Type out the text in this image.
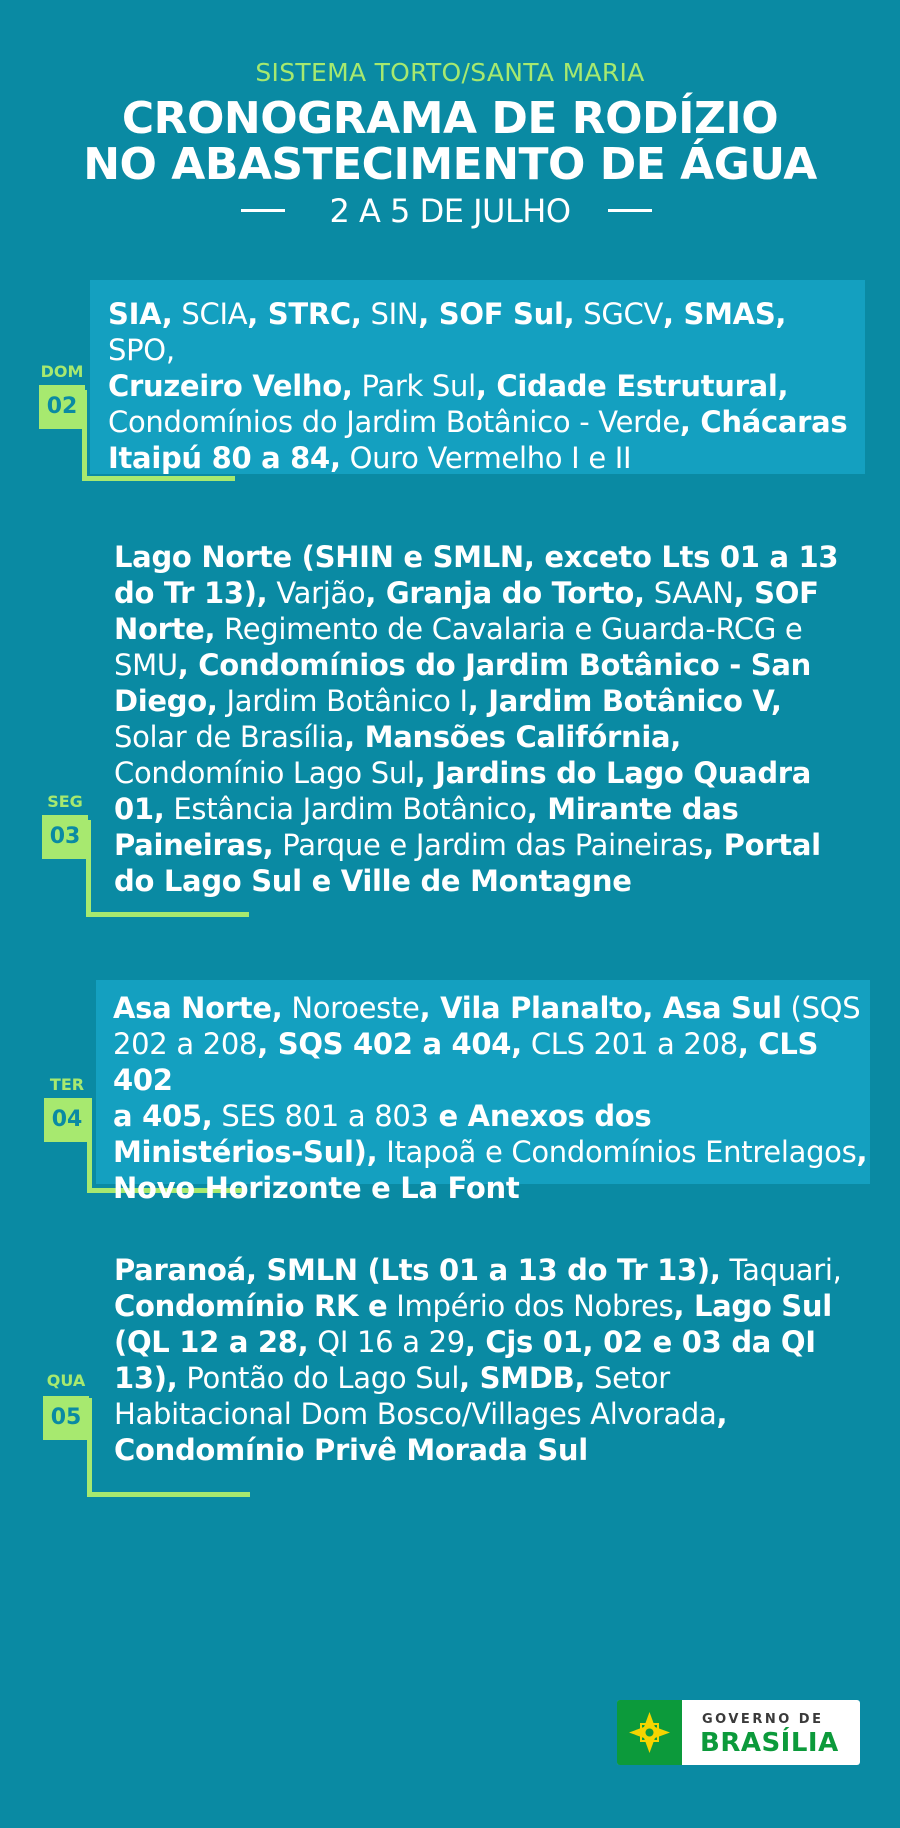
SISTEMA TORTO/SANTA MARIA
CRONOGRAMA DE RODÍZIO
NO ABASTECIMENTO DE ÁGUA
2 A 5 DE JULHO
DOM
02
SIA, SCIA, STRC, SIN, SOF Sul, SGCV, SMAS, SPO,
Cruzeiro Velho, Park Sul, Cidade Estrutural,
Condomínios do Jardim Botânico - Verde, Chácaras
Itaipú 80 a 84, Ouro Vermelho I e II
SEG
03
Lago Norte (SHIN e SMLN, exceto Lts 01 a 13
do Tr 13), Varjão, Granja do Torto, SAAN, SOF
Norte, Regimento de Cavalaria e Guarda-RCG e
SMU, Condomínios do Jardim Botânico - San
Diego, Jardim Botânico I, Jardim Botânico V,
Solar de Brasília, Mansões Califórnia,
Condomínio Lago Sul, Jardins do Lago Quadra
01, Estância Jardim Botânico, Mirante das
Paineiras, Parque e Jardim das Paineiras, Portal
do Lago Sul e Ville de Montagne
TER
04
Asa Norte, Noroeste, Vila Planalto, Asa Sul (SQS
202 a 208, SQS 402 a 404, CLS 201 a 208, CLS 402
a 405, SES 801 a 803 e Anexos dos
Ministérios-Sul), Itapoã e Condomínios Entrelagos,
Novo Horizonte e La Font
QUA
05
Paranoá, SMLN (Lts 01 a 13 do Tr 13), Taquari,
Condomínio RK e Império dos Nobres, Lago Sul
(QL 12 a 28, QI 16 a 29, Cjs 01, 02 e 03 da QI
13), Pontão do Lago Sul, SMDB, Setor
Habitacional Dom Bosco/Villages Alvorada,
Condomínio Privê Morada Sul
GOVERNO DE
BRASÍLIA
